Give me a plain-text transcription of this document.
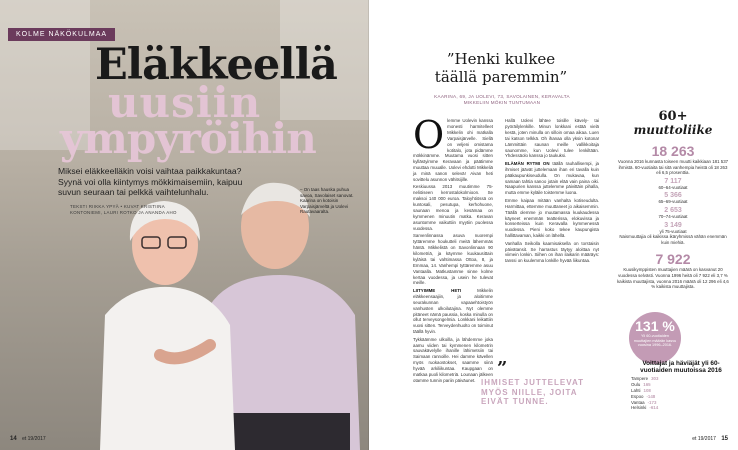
KOLME NÄKÖKULMAA
Eläkkeellä
uusiin
ympyröihin
Miksei eläkkeelläkin voisi vaihtaa paikkakuntaa? Syynä voi olla kiintymys mökkimaisemiin, kaipuu suvun seuraan tai pelkkä vaihtelunhalu.
TEKSTI RIIKKA YPYÄ • KUVAT KRISTIINA KONTONIEMI, LAURI ROTKO JA ANANDA AHO
– On taas hauska puhua savoa, Savolaiset sanovat. Kaarina on kotoisin Varpaisjärveltä ja Uolevi Rautavaaralta.
14 et 19/2017
”Henki kulkee täällä paremmin”
KAARINA, 69, JA UOLEVI, 73, SAVOLAINEN, KERAVALTA MIKKELIIN MÖKIN TUNTUMAAN

Olemme Uolevin kanssa monesti harmitelleet Mikkelin ohi matkalla Varpaisjärvelle. Siellä on veljeni omistama kotitalo, jota pidämme mökkinämme. Muutama vuosi sitten kyllästyimme Keravaan ja päätimme muuttaa muualle. Uolevi ehdotti Mikkeliä ja minä sanon selevä! Aivan heti sovittelu asunnon vähitsijille.

Keskiuussa 2013 muutimme 75-neliöiseen kerrostalokolmioon. Se maksoi 140 000 euroa. Taloyhtiössä on kuntosali, pesutupa, kerhohuone, saunaan menoa ja kesämaa on kymmenen minuutin matka. Keravan asuntomme vaikuttiin myytiin puolessa vuodessa.

Sarvenlinnassa asuva nuorempi tyttäremme houkutteli meitä lähemmäs häntä. Mikkelistä on Savonlinnaan 90 kilometriä, ja käymme kuukausittain kyläisä tai vahtimassa Ottoa, 8, ja Emmaa, 14. Vanhempi tyttäremme asuu Vantaalla. Matkustamme sinne kolme kertaa vuodessa, ja usein he tulevat meille.

LIITYIMME HETI	Mikkelin eläkkeensaajiin, ja aloitimme seurakunnan vapaaehtoistyön vanhusten ulkoilutajina. Nyt olemme pitäneet nämä paussia, koska minulla on ollut terveysongelmia. Lonkkani leikattiin vuosi sitten. Terveydenhuolto on toiminut täällä hyvin.

Tykkäämme ulkoilla, ja lähdemme joka aamu viiden tai kymmenen kilometrin sauvakävelylle ihanille lähimetsiin tai Saimaan rannoille. Hei damme kävellen myös ruokaostokset, saamme siinä hyvää arkiliikuntaa. Kaupgaan on matkaa puoli kilometriä. Lounaan jälkeen otamme tunnin pariin päiväunet.

Hallä Uolevi lähtee toisille kävely- tai pyöräilylenkille. Minun lonkkani estää vielä kestä, joten minulla on silloin omaa aikaa. Luen tai katson telkkä. Oh ihanaa olla yksin kotona! Lämmittäin saunan meille vallikkoitaja saunomme, kun Uolevi tulee lenkiltään. Yhdessäolo kanssa jo taukuksi.

ELÄMÄN RYTMI ON täällä rauhallisempi, ja ihmiset jäävät juttelemaan ihan eri tavalla kuin pääkaupunkiseudulla. On mukavaa, kun samaan tahtia sanoo jotain elää vain paina oiki. Naapurien kanssa juttelemme päivittäin pihalla, mutta emme kyläile toistemme luona.

Emme kaipaa mitään vanhalta kotiseudulta. Harmittaa, ettemme muuttaneet jo aikaisemmin. Täällä olemme jo muutamassa kuukaudessa käyneet enemmän teatterissa, elokuvissa ja konserteissa kuin Keravalla kymmenessä vuodessa. Pieni koko tekee kaupungista hallittavaman, kaikki on lähellä.

Vanhalla Seikolla kaarnisaksella on torstaisin päivätansit. Se harrastus täytyy aloittaa nyt viimein lonkin. Siihen on ihan ilaikarin määräys: tanssi on kuulemma lonkille hyvää liikuntaa.

”
IHMISET JUTTELEVAT MYÖS NIILLE, JOITA EIVÄT TUNNE.
60+
muuttoliike
18 263
Vuonna 2016 kunnasta toiseen muutti kaikkiaan 181 537 ihmistä. 60-vuotiaita tai sitä vanhempia heistä oli 18 263 eli 6,5 prosenttia.
7 117
60–64-vuotiaat
5 366
65–69-vuotiaat
2 653
70–74-vuotiaat
3 149
yli 75-vuotiaat
Naismuuttajia oli kaikissa ikäryhmissä vähän enemmän kuin miehiä.
7 922
Kuusikymppisten muuttajien määrä on kasvanut 20 vuodessa selvästi. Vuonna 1996 heitä oli 7 922 eli 3,7 % kaikista muuttajista, vuonna 2016 määrä oli 12 296 eli 4,6 % kaikista muuttajista.
131 %
Yli 60-vuotiaiden muuttajien määrän kasvu vuosina 1996–2016.
Voittajat ja häviäjät yli 60-vuotiaiden muutoissa 2016
Tampere 303
Oulu 165
Lahti 108
Espoo -148
Vantaa -173
Helsinki -614
et 19/2017 15
